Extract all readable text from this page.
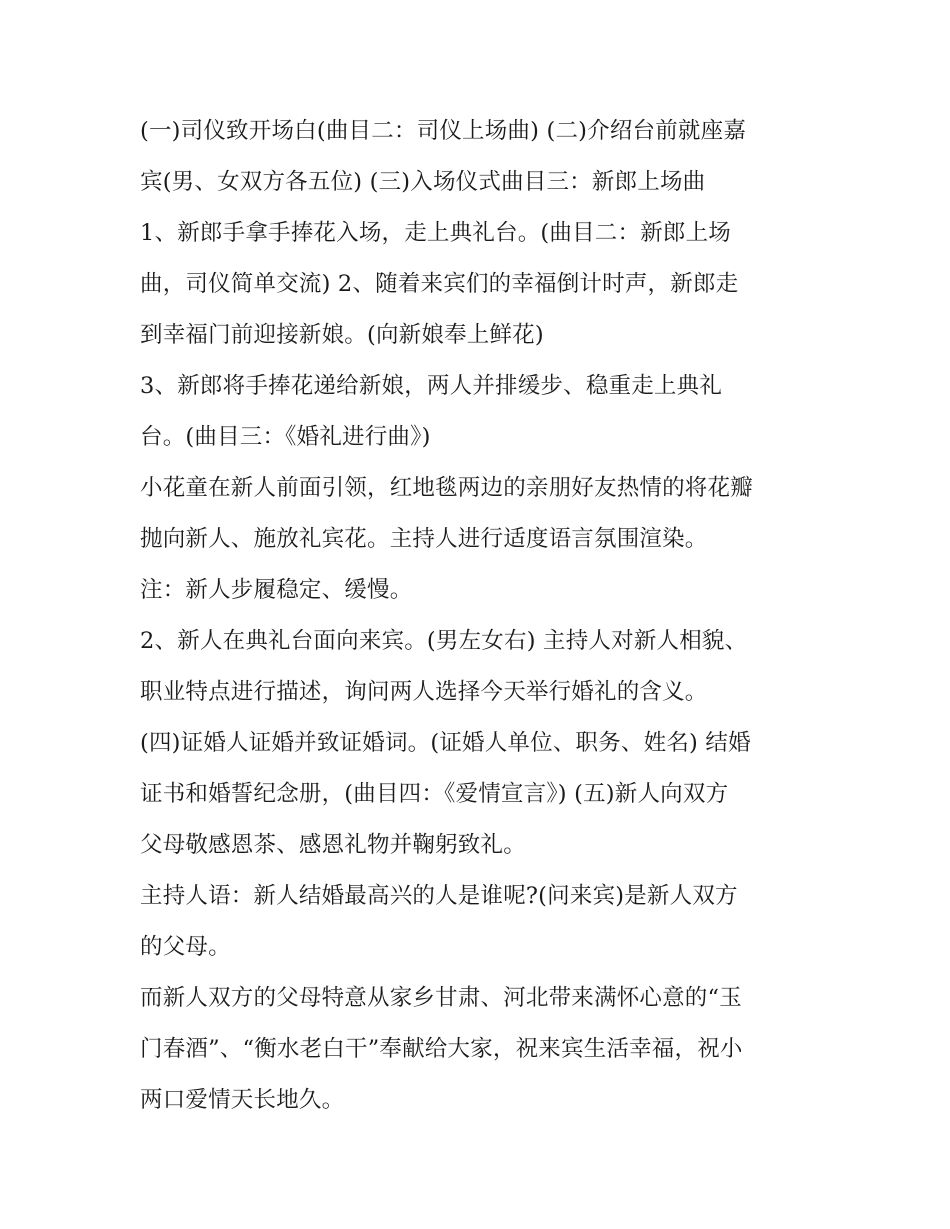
(一)司仪致开场白(曲目二：司仪上场曲) (二)介绍台前就座嘉
宾(男、女双方各五位) (三)入场仪式曲目三：新郎上场曲
1、新郎手拿手捧花入场，走上典礼台。(曲目二：新郎上场
曲，司仪简单交流) 2、随着来宾们的幸福倒计时声，新郎走
到幸福门前迎接新娘。(向新娘奉上鲜花)
3、新郎将手捧花递给新娘，两人并排缓步、稳重走上典礼
台。(曲目三：《婚礼进行曲》)
小花童在新人前面引领，红地毯两边的亲朋好友热情的将花瓣
抛向新人、施放礼宾花。主持人进行适度语言氛围渲染。
注：新人步履稳定、缓慢。
2、新人在典礼台面向来宾。(男左女右) 主持人对新人相貌、
职业特点进行描述，询问两人选择今天举行婚礼的含义。
(四)证婚人证婚并致证婚词。(证婚人单位、职务、姓名) 结婚
证书和婚誓纪念册，(曲目四：《爱情宣言》) (五)新人向双方
父母敬感恩茶、感恩礼物并鞠躬致礼。
主持人语：新人结婚最高兴的人是谁呢?(问来宾)是新人双方
的父母。
而新人双方的父母特意从家乡甘肃、河北带来满怀心意的“玉
门春酒”、“衡水老白干”奉献给大家，祝来宾生活幸福，祝小
两口爱情天长地久。
